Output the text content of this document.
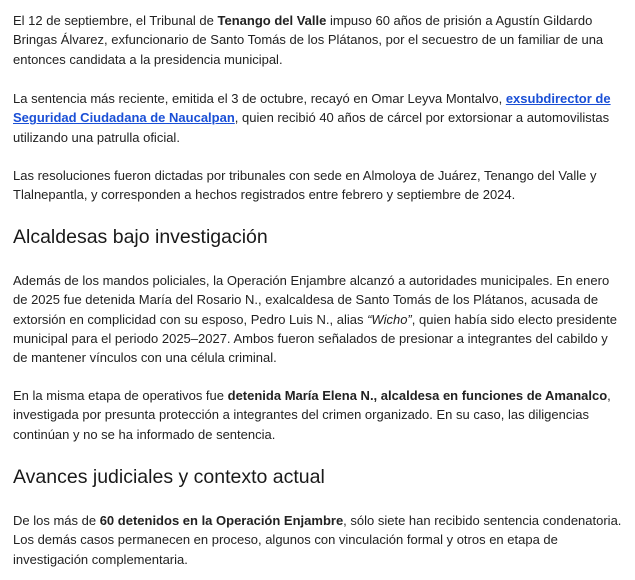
El 12 de septiembre, el Tribunal de Tenango del Valle impuso 60 años de prisión a Agustín Gildardo Bringas Álvarez, exfuncionario de Santo Tomás de los Plátanos, por el secuestro de un familiar de una entonces candidata a la presidencia municipal.

La sentencia más reciente, emitida el 3 de octubre, recayó en Omar Leyva Montalvo, exsubdirector de Seguridad Ciudadana de Naucalpan, quien recibió 40 años de cárcel por extorsionar a automovilistas utilizando una patrulla oficial.

Las resoluciones fueron dictadas por tribunales con sede en Almoloya de Juárez, Tenango del Valle y Tlalnepantla, y corresponden a hechos registrados entre febrero y septiembre de 2024.

Alcaldesas bajo investigación

Además de los mandos policiales, la Operación Enjambre alcanzó a autoridades municipales. En enero de 2025 fue detenida María del Rosario N., exalcaldesa de Santo Tomás de los Plátanos, acusada de extorsión en complicidad con su esposo, Pedro Luis N., alias “Wicho”, quien había sido electo presidente municipal para el periodo 2025–2027. Ambos fueron señalados de presionar a integrantes del cabildo y de mantener vínculos con una célula criminal.

En la misma etapa de operativos fue detenida María Elena N., alcaldesa en funciones de Amanalco, investigada por presunta protección a integrantes del crimen organizado. En su caso, las diligencias continúan y no se ha informado de sentencia.

Avances judiciales y contexto actual

De los más de 60 detenidos en la Operación Enjambre, sólo siete han recibido sentencia condenatoria. Los demás casos permanecen en proceso, algunos con vinculación formal y otros en etapa de investigación complementaria.
